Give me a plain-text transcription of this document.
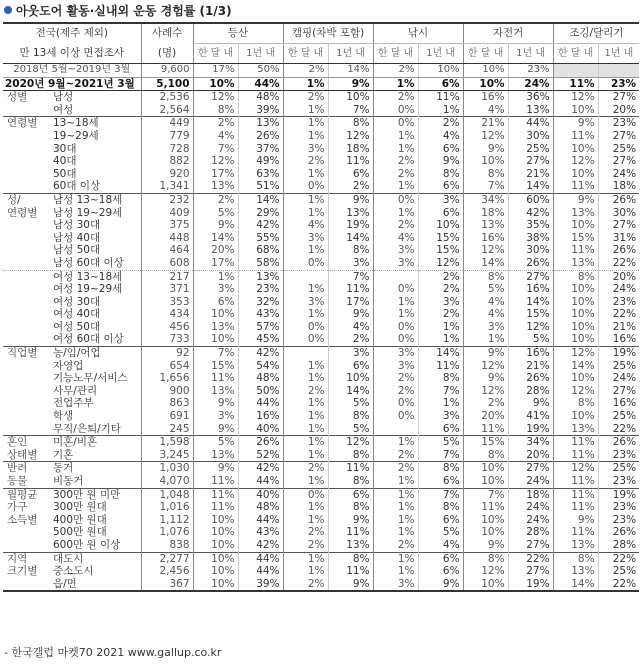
아웃도어 활동·실내외 운동 경험률 (1/3)
전국(제주 제외)		사례수	등산		캠핑(차박 포함)		낚시		자전거		조깅/달리기	
만 13세 이상 면접조사		(명)	한 달 내	1년 내	한 달 내	1년 내	한 달 내	1년 내	한 달 내	1년 내	한 달 내	1년 내
2018년 5월~2019년 3월		9,600	17%	50%	2%	14%	2%	10%	10%	23%		
2020년 9월~2021년 3월		5,100	10%	44%	1%	9%	1%	6%	10%	24%	11%	23%
성별	남성	2,536	12%	48%	2%	10%	2%	11%	16%	36%	12%	27%
	여성	2,564	8%	39%	1%	7%	0%	1%	4%	13%	10%	20%
연령별	13~18세	449	2%	13%	1%	8%	0%	2%	21%	44%	9%	23%
	19~29세	779	4%	26%	1%	12%	1%	4%	12%	30%	11%	27%
	30대	728	7%	37%	3%	18%	1%	6%	9%	25%	10%	25%
	40대	882	12%	49%	2%	11%	2%	9%	10%	27%	12%	27%
	50대	920	17%	63%	1%	6%	2%	8%	8%	21%	10%	24%
	60대 이상	1,341	13%	51%	0%	2%	1%	6%	7%	14%	11%	18%
성/	남성 13~18세	232	2%	14%	1%	9%	0%	3%	34%	60%	9%	26%
연령별	남성 19~29세	409	5%	29%	1%	13%	1%	6%	18%	42%	13%	30%
	남성 30대	375	9%	42%	4%	19%	2%	10%	13%	35%	10%	27%
	남성 40대	448	14%	55%	3%	14%	4%	15%	16%	38%	15%	31%
	남성 50대	464	20%	68%	1%	8%	3%	15%	12%	30%	11%	26%
	남성 60대 이상	608	17%	58%	0%	3%	3%	12%	14%	26%	13%	22%
	여성 13~18세	217	1%	13%		7%		2%	8%	27%	8%	20%
	여성 19~29세	371	3%	23%	1%	11%	0%	2%	5%	16%	10%	24%
	여성 30대	353	6%	32%	3%	17%	1%	3%	4%	14%	10%	23%
	여성 40대	434	10%	43%	1%	9%	1%	2%	4%	15%	10%	22%
	여성 50대	456	13%	57%	0%	4%	0%	1%	3%	12%	10%	21%
	여성 60대 이상	733	10%	45%	0%	2%	0%	1%	1%	5%	10%	16%
직업별	농/임/어업	92	7%	42%		3%	3%	14%	9%	16%	12%	19%
	자영업	654	15%	54%	1%	6%	3%	11%	12%	21%	14%	25%
	기능노무/서비스	1,656	11%	48%	1%	10%	2%	8%	9%	26%	10%	24%
	사무/관리	900	13%	50%	2%	14%	2%	7%	12%	28%	12%	27%
	전업주부	863	9%	44%	1%	5%	0%	1%	2%	9%	8%	16%
	학생	691	3%	16%	1%	8%	0%	3%	20%	41%	10%	25%
	무직/은퇴/기타	245	9%	40%	1%	5%		6%	11%	19%	13%	22%
혼인	미혼/비혼	1,598	5%	26%	1%	12%	1%	5%	15%	34%	11%	26%
상태별	기혼	3,245	13%	52%	1%	8%	2%	7%	8%	20%	11%	23%
반려	동거	1,030	9%	42%	2%	11%	2%	8%	10%	27%	12%	25%
동물	비동거	4,070	11%	44%	1%	8%	1%	6%	10%	24%	11%	23%
월평균	300만 원 미만	1,048	11%	40%	0%	6%	1%	7%	7%	18%	11%	19%
가구	300만 원대	1,016	11%	48%	1%	8%	1%	8%	11%	24%	11%	23%
소득별	400만 원대	1,112	10%	44%	1%	9%	1%	6%	10%	24%	9%	23%
	500만 원대	1,076	10%	43%	2%	11%	1%	5%	10%	28%	11%	26%
	600만 원 이상	838	10%	42%	2%	13%	2%	4%	9%	27%	13%	28%
지역	대도시	2,277	10%	44%	1%	8%	1%	6%	8%	22%	8%	22%
크기별	중소도시	2,456	10%	44%	1%	11%	1%	6%	12%	27%	13%	25%
	읍/면	367	10%	39%	2%	9%	3%	9%	10%	19%	14%	22%
- 한국갤럽 마켓70 2021 www.gallup.co.kr
